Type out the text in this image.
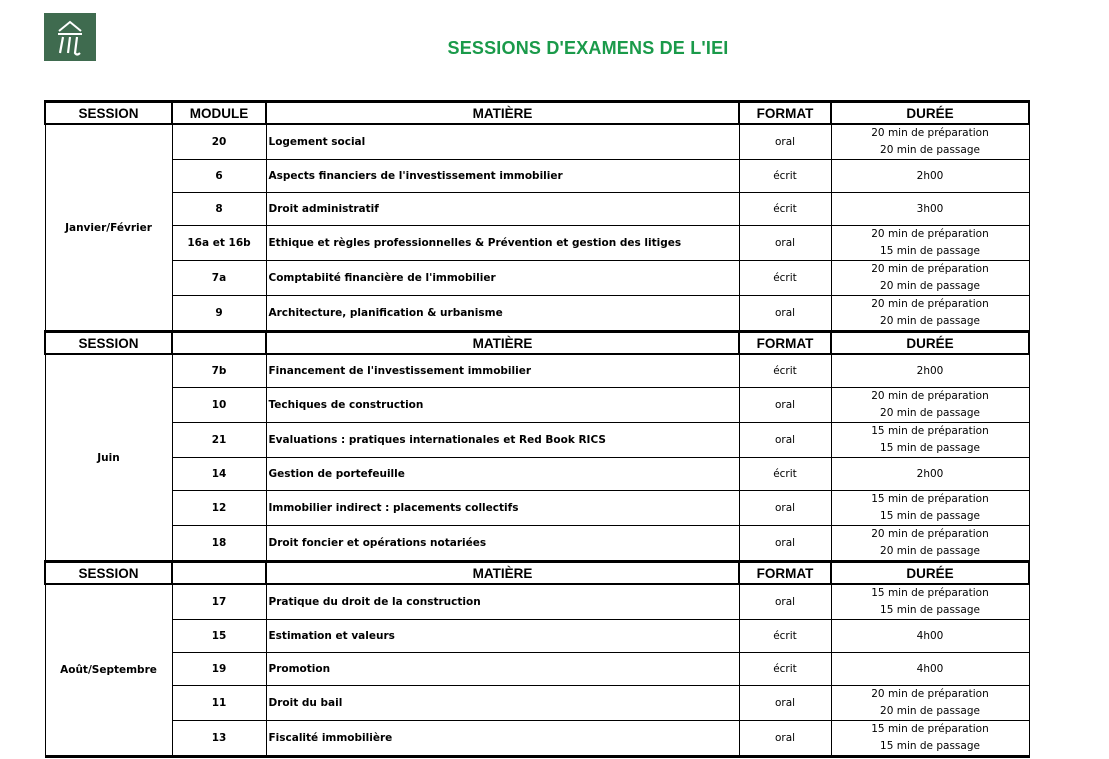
SESSIONS D'EXAMENS DE L'IEI
SESSION	MODULE	MATIÈRE	FORMAT	DURÉE
Janvier/Février	20	Logement social	oral	20 min de préparation
20 min de passage

	6	Aspects financiers de l'investissement immobilier	écrit	2h00

	8	Droit administratif	écrit	3h00

	16a et 16b	Ethique et règles professionnelles & Prévention et gestion des litiges	oral	20 min de préparation
15 min de passage

	7a	Comptabiité financière de l'immobilier	écrit	20 min de préparation
20 min de passage

	9	Architecture, planification & urbanisme	oral	20 min de préparation
20 min de passage

SESSION		MATIÈRE	FORMAT	DURÉE
Juin	7b	Financement de l'investissement immobilier	écrit	2h00

	10	Techiques de construction	oral	20 min de préparation
20 min de passage

	21	Evaluations : pratiques internationales et Red Book RICS	oral	15 min de préparation
15 min de passage

	14	Gestion de portefeuille	écrit	2h00

	12	Immobilier indirect : placements collectifs	oral	15 min de préparation
15 min de passage

	18	Droit foncier et opérations notariées	oral	20 min de préparation
20 min de passage

SESSION		MATIÈRE	FORMAT	DURÉE
Août/Septembre	17	Pratique du droit de la construction	oral	15 min de préparation
15 min de passage

	15	Estimation et valeurs	écrit	4h00

	19	Promotion	écrit	4h00

	11	Droit du bail	oral	20 min de préparation
20 min de passage

	13	Fiscalité immobilière	oral	15 min de préparation
15 min de passage
